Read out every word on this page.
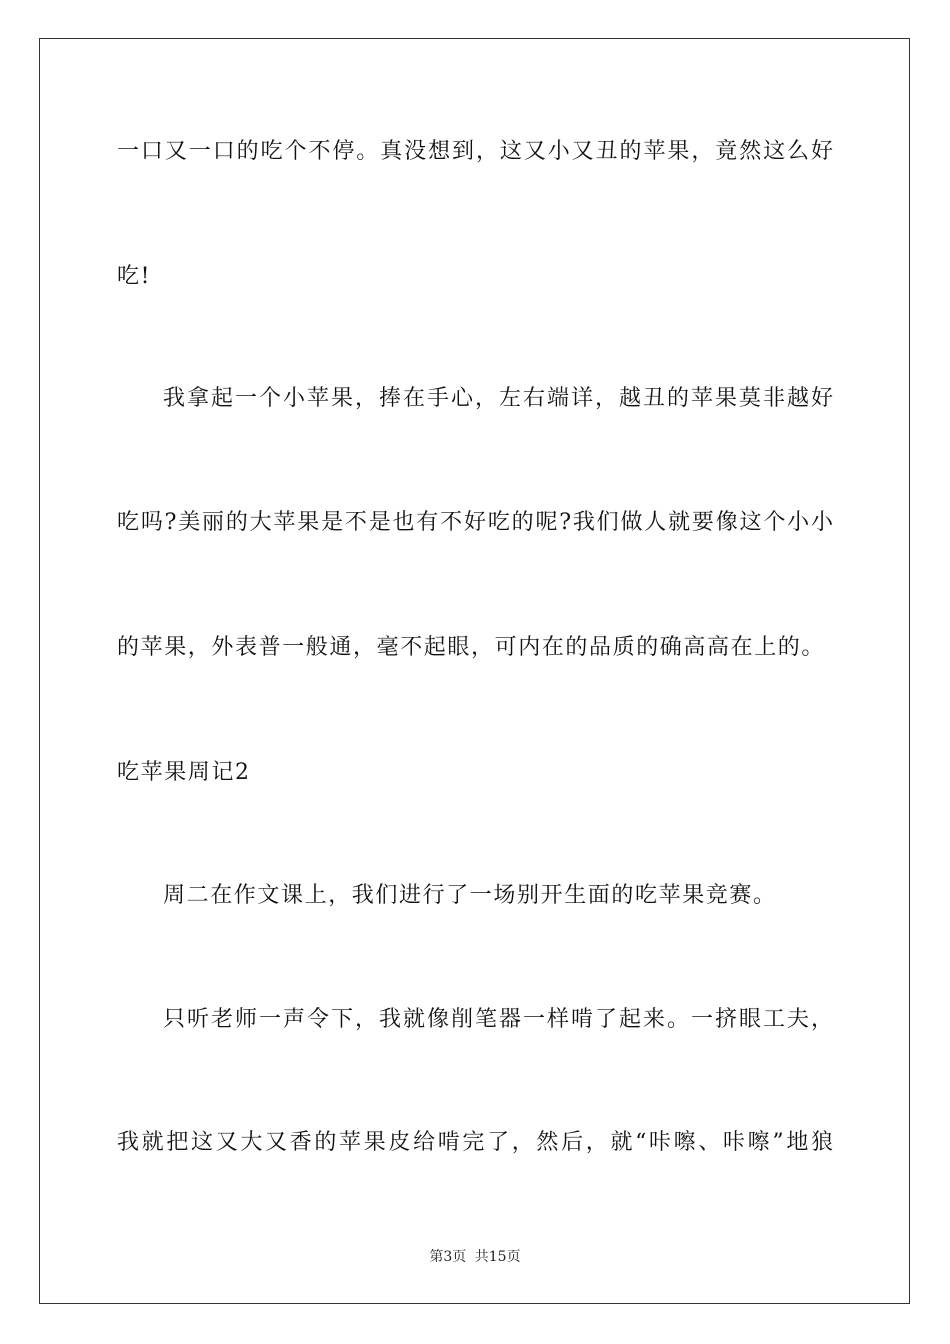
一口又一口的吃个不停。真没想到，这又小又丑的苹果，竟然这么好
吃!
我拿起一个小苹果，捧在手心，左右端详，越丑的苹果莫非越好
吃吗?美丽的大苹果是不是也有不好吃的呢?我们做人就要像这个小小
的苹果，外表普一般通，毫不起眼，可内在的品质的确高高在上的。
吃苹果周记2
周二在作文课上，我们进行了一场别开生面的吃苹果竞赛。
只听老师一声令下，我就像削笔器一样啃了起来。一挤眼工夫，
我就把这又大又香的苹果皮给啃完了，然后，就“咔嚓、咔嚓”地狼
第3页 共15页
